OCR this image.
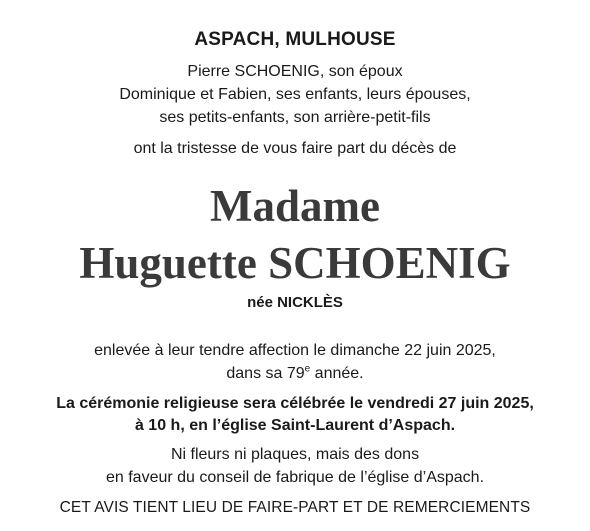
ASPACH, MULHOUSE
Pierre SCHOENIG, son époux
Dominique et Fabien, ses enfants, leurs épouses,
ses petits-enfants, son arrière-petit-fils
ont la tristesse de vous faire part du décès de
Madame
Huguette SCHOENIG
née NICKLÈS
enlevée à leur tendre affection le dimanche 22 juin 2025,
dans sa 79e année.
La cérémonie religieuse sera célébrée le vendredi 27 juin 2025,
à 10 h, en l’église Saint-Laurent d’Aspach.
Ni fleurs ni plaques, mais des dons
en faveur du conseil de fabrique de l’église d’Aspach.
CET AVIS TIENT LIEU DE FAIRE-PART ET DE REMERCIEMENTS
